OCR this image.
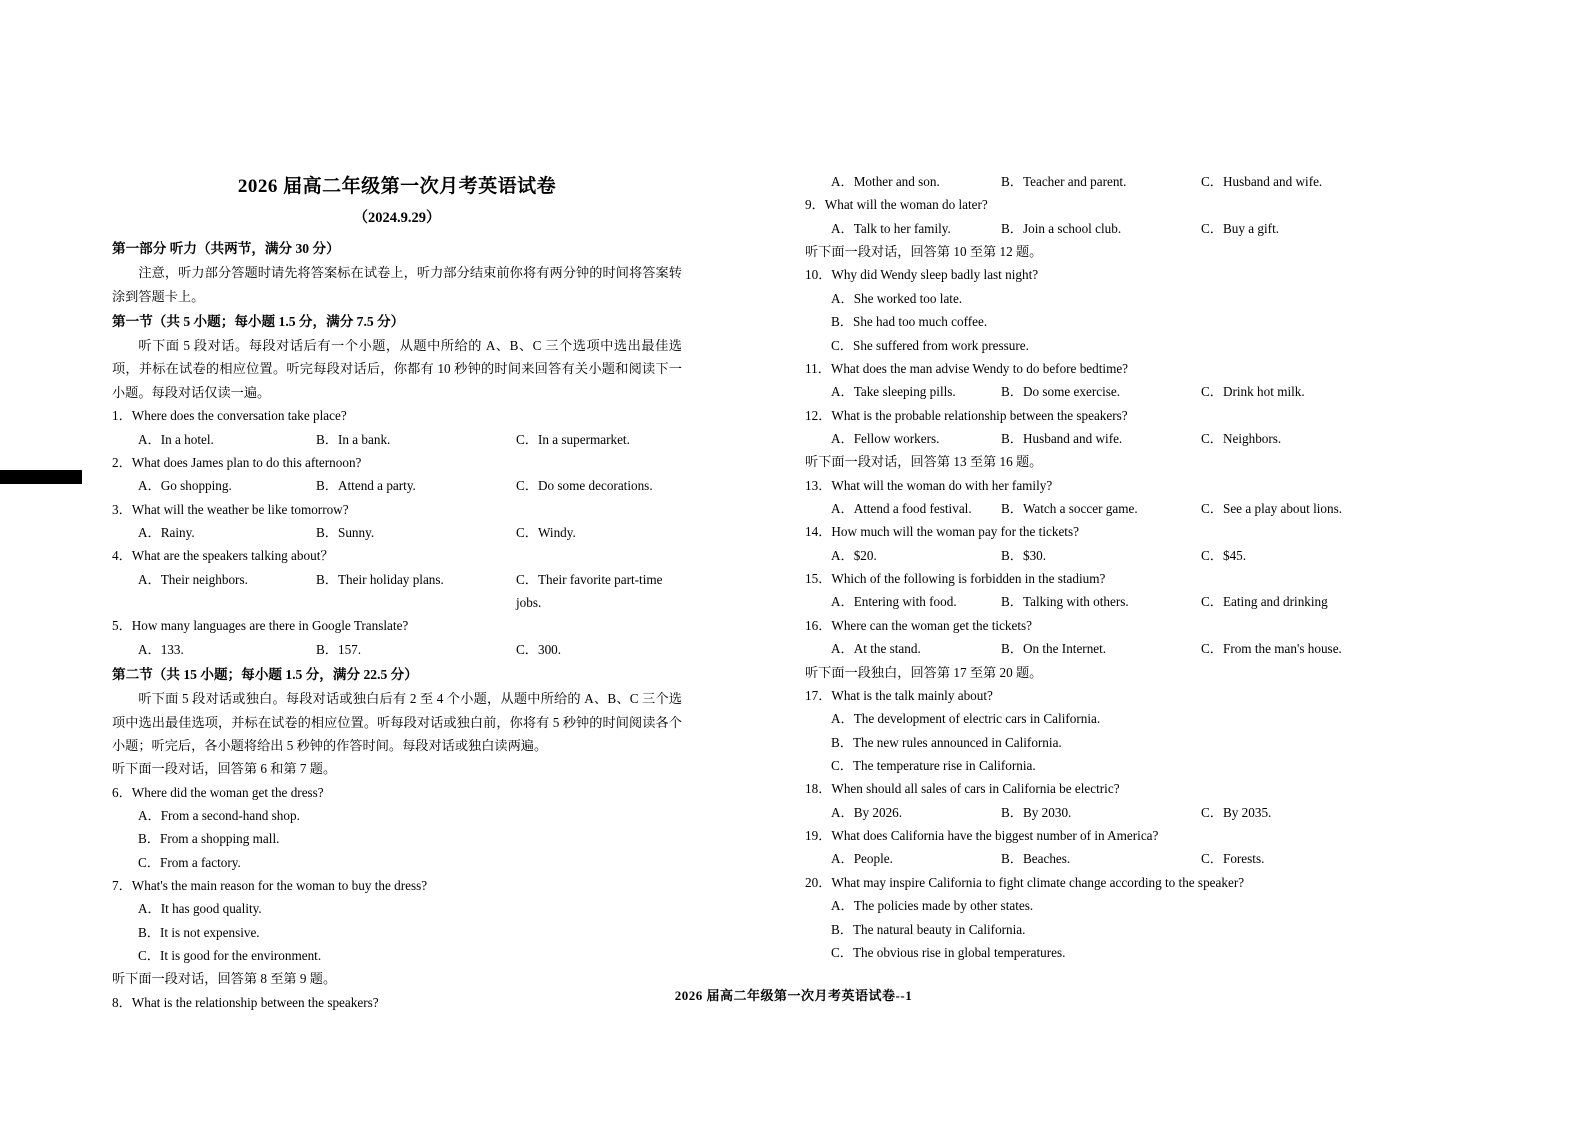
2026 届高二年级第一次月考英语试卷
（2024.9.29）
第一部分 听力（共两节，满分 30 分）

注意，听力部分答题时请先将答案标在试卷上，听力部分结束前你将有两分钟的时间将答案转涂到答题卡上。

第一节（共 5 小题；每小题 1.5 分，满分 7.5 分）

听下面 5 段对话。每段对话后有一个小题，从题中所给的 A、B、C 三个选项中选出最佳选项，并标在试卷的相应位置。听完每段对话后，你都有 10 秒钟的时间来回答有关小题和阅读下一小题。每段对话仅读一遍。

1．Where does the conversation take place?

A．In a hotel.	B．In a bank.	C．In a supermarket.

2．What does James plan to do this afternoon?

A．Go shopping.	B．Attend a party.	C．Do some decorations.

3．What will the weather be like tomorrow?

A．Rainy.	B．Sunny.	C．Windy.

4．What are the speakers talking about？

A．Their neighbors.	B．Their holiday plans.	C．Their favorite part-time jobs.

5．How many languages are there in Google Translate?

A．133.	B．157.	C．300.
第二节（共 15 小题；每小题 1.5 分，满分 22.5 分）

听下面 5 段对话或独白。每段对话或独白后有 2 至 4 个小题，从题中所给的 A、B、C 三个选项中选出最佳选项，并标在试卷的相应位置。听每段对话或独白前，你将有 5 秒钟的时间阅读各个小题；听完后，各小题将给出 5 秒钟的作答时间。每段对话或独白读两遍。

听下面一段对话，回答第 6 和第 7 题。

6．Where did the woman get the dress?

A．From a second-hand shop.

B．From a shopping mall.

C．From a factory.

7．What's the main reason for the woman to buy the dress?

A．It has good quality.

B．It is not expensive.

C．It is good for the environment.

听下面一段对话，回答第 8 至第 9 题。

8．What is the relationship between the speakers?

A．Mother and son.	B．Teacher and parent.	C．Husband and wife.

9．What will the woman do later?

A．Talk to her family.	B．Join a school club.	C．Buy a gift.

听下面一段对话，回答第 10 至第 12 题。

10．Why did Wendy sleep badly last night?

A．She worked too late.

B．She had too much coffee.

C．She suffered from work pressure.

11．What does the man advise Wendy to do before bedtime?

A．Take sleeping pills.	B．Do some exercise.	C．Drink hot milk.

12．What is the probable relationship between the speakers?

A．Fellow workers.	B．Husband and wife.	C．Neighbors.

听下面一段对话，回答第 13 至第 16 题。

13．What will the woman do with her family?

A．Attend a food festival.	B．Watch a soccer game.	C．See a play about lions.

14．How much will the woman pay for the tickets?

A．$20.	B．$30.	C．$45.

15．Which of the following is forbidden in the stadium?

A．Entering with food.	B．Talking with others.	C．Eating and drinking

16．Where can the woman get the tickets?

A．At the stand.	B．On the Internet.	C．From the man's house.

听下面一段独白，回答第 17 至第 20 题。

17．What is the talk mainly about?

A．The development of electric cars in California.

B．The new rules announced in California.

C．The temperature rise in California.

18．When should all sales of cars in California be electric?

A．By 2026.	B．By 2030.	C．By 2035.

19．What does California have the biggest number of in America?

A．People.	B．Beaches.	C．Forests.

20．What may inspire California to fight climate change according to the speaker?

A．The policies made by other states.

B．The natural beauty in California.

C．The obvious rise in global temperatures.

2026 届高二年级第一次月考英语试卷--1
